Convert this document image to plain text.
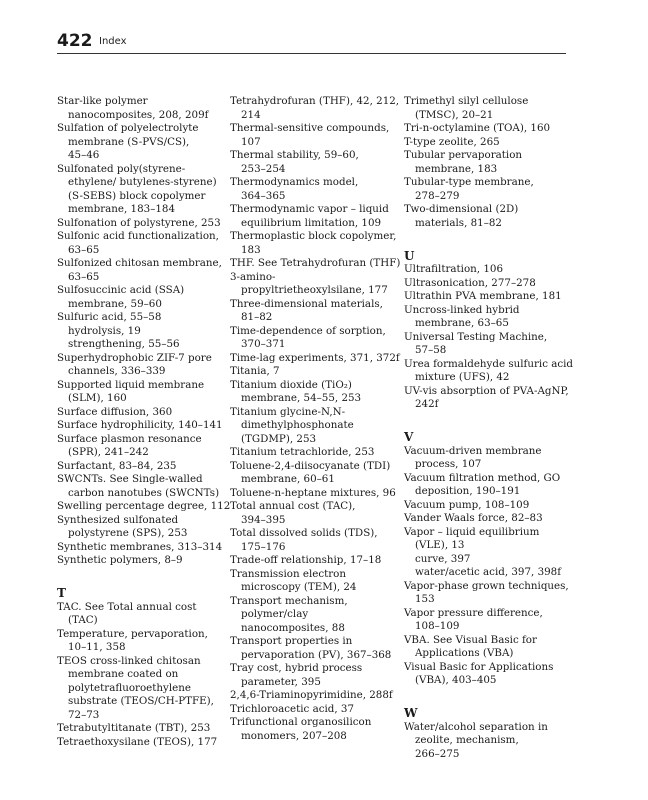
422 Index
Star-like polymer
nanocomposites, 208, 209f
Sulfation of polyelectrolyte
membrane (S-PVS/CS),
45–46
Sulfonated poly(styrene-
ethylene/ butylenes-styrene)
(S-SEBS) block copolymer
membrane, 183–184
Sulfonation of polystyrene, 253
Sulfonic acid functionalization,
63–65
Sulfonized chitosan membrane,
63–65
Sulfosuccinic acid (SSA)
membrane, 59–60
Sulfuric acid, 55–58
hydrolysis, 19
strengthening, 55–56
Superhydrophobic ZIF-7 pore
channels, 336–339
Supported liquid membrane
(SLM), 160
Surface diffusion, 360
Surface hydrophilicity, 140–141
Surface plasmon resonance
(SPR), 241–242
Surfactant, 83–84, 235
SWCNTs. See Single-walled
carbon nanotubes (SWCNTs)
Swelling percentage degree, 112
Synthesized sulfonated
polystyrene (SPS), 253
Synthetic membranes, 313–314
Synthetic polymers, 8–9
T
TAC. See Total annual cost
(TAC)
Temperature, pervaporation,
10–11, 358
TEOS cross-linked chitosan
membrane coated on
polytetrafluoroethylene
substrate (TEOS/CH-PTFE),
72–73
Tetrabutyltitanate (TBT), 253
Tetraethoxysilane (TEOS), 177
Tetrahydrofuran (THF), 42, 212,
214
Thermal-sensitive compounds,
107
Thermal stability, 59–60,
253–254
Thermodynamics model,
364–365
Thermodynamic vapor – liquid
equilibrium limitation, 109
Thermoplastic block copolymer,
183
THF. See Tetrahydrofuran (THF)
3-amino-
propyltrietheoxylsilane, 177
Three-dimensional materials,
81–82
Time-dependence of sorption,
370–371
Time-lag experiments, 371, 372f
Titania, 7
Titanium dioxide (TiO₂)
membrane, 54–55, 253
Titanium glycine-N,N-
dimethylphosphonate
(TGDMP), 253
Titanium tetrachloride, 253
Toluene-2,4-diisocyanate (TDI)
membrane, 60–61
Toluene-n-heptane mixtures, 96
Total annual cost (TAC),
394–395
Total dissolved solids (TDS),
175–176
Trade-off relationship, 17–18
Transmission electron
microscopy (TEM), 24
Transport mechanism,
polymer/clay
nanocomposites, 88
Transport properties in
pervaporation (PV), 367–368
Tray cost, hybrid process
parameter, 395
2,4,6-Triaminopyrimidine, 288f
Trichloroacetic acid, 37
Trifunctional organosilicon
monomers, 207–208
Trimethyl silyl cellulose
(TMSC), 20–21
Tri-n-octylamine (TOA), 160
T-type zeolite, 265
Tubular pervaporation
membrane, 183
Tubular-type membrane,
278–279
Two-dimensional (2D)
materials, 81–82
U
Ultrafiltration, 106
Ultrasonication, 277–278
Ultrathin PVA membrane, 181
Uncross-linked hybrid
membrane, 63–65
Universal Testing Machine,
57–58
Urea formaldehyde sulfuric acid
mixture (UFS), 42
UV-vis absorption of PVA-AgNP,
242f
V
Vacuum-driven membrane
process, 107
Vacuum filtration method, GO
deposition, 190–191
Vacuum pump, 108–109
Vander Waals force, 82–83
Vapor – liquid equilibrium
(VLE), 13
curve, 397
water/acetic acid, 397, 398f
Vapor-phase grown techniques,
153
Vapor pressure difference,
108–109
VBA. See Visual Basic for
Applications (VBA)
Visual Basic for Applications
(VBA), 403–405
W
Water/alcohol separation in
zeolite, mechanism,
266–275
